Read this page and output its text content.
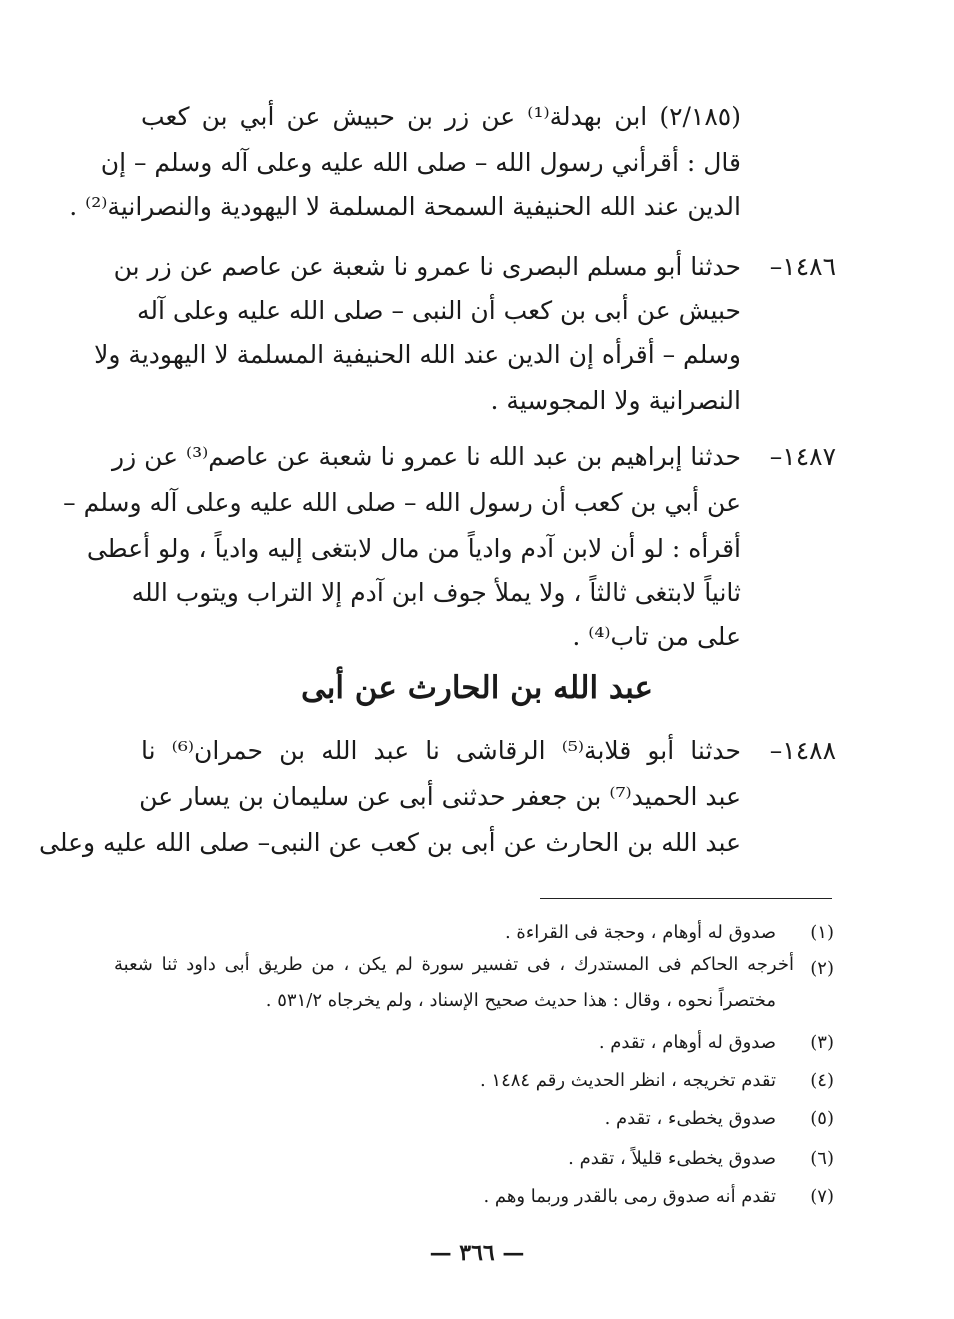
(٢/١٨٥) ابن بهدلة⁽¹⁾ عن زر بن حبيش عن أبي بن كعب
قال : أقرأني رسول الله – صلى الله عليه وعلى آله وسلم – إن
الدين عند الله الحنيفية السمحة المسلمة لا اليهودية والنصرانية⁽²⁾ .
١٤٨٦–
حدثنا أبو مسلم البصرى نا عمرو نا شعبة عن عاصم عن زر بن
حبيش عن أبى بن كعب أن النبى – صلى الله عليه وعلى آله
وسلم – أقرأه إن الدين عند الله الحنيفية المسلمة لا اليهودية ولا
النصرانية ولا المجوسية .
١٤٨٧–
حدثنا إبراهيم بن عبد الله نا عمرو نا شعبة عن عاصم⁽³⁾ عن زر
عن أبي بن كعب أن رسول الله – صلى الله عليه وعلى آله وسلم –
أقرأه : لو أن لابن آدم وادياً من مال لابتغى إليه وادياً ، ولو أعطى
ثانياً لابتغى ثالثاً ، ولا يملأ جوف ابن آدم إلا التراب ويتوب الله
على من تاب⁽⁴⁾ .
عبد الله بن الحارث عن أبى
١٤٨٨–
حدثنا أبو قلابة⁽⁵⁾ الرقاشى نا عبد الله بن حمران⁽⁶⁾ نا
عبد الحميد⁽⁷⁾ بن جعفر حدثنى أبى عن سليمان بن يسار عن
عبد الله بن الحارث عن أبى بن كعب عن النبى– صلى الله عليه وعلى
(١)
صدوق له أوهام ، وحجة فى القراءة .
(٢)
أخرجه الحاكم فى المستدرك ، فى تفسير سورة لم يكن ، من طريق أبى داود ثنا شعبة
مختصراً نحوه ، وقال : هذا حديث صحيح الإسناد ، ولم يخرجاه ٥٣١/٢ .
(٣)
صدوق له أوهام ، تقدم .
(٤)
تقدم تخريجه ، انظر الحديث رقم ١٤٨٤ .
(٥)
صدوق يخطىء ، تقدم .
(٦)
صدوق يخطىء قليلاً ، تقدم .
(٧)
تقدم أنه صدوق رمى بالقدر وربما وهم .
— ٣٦٦ —
